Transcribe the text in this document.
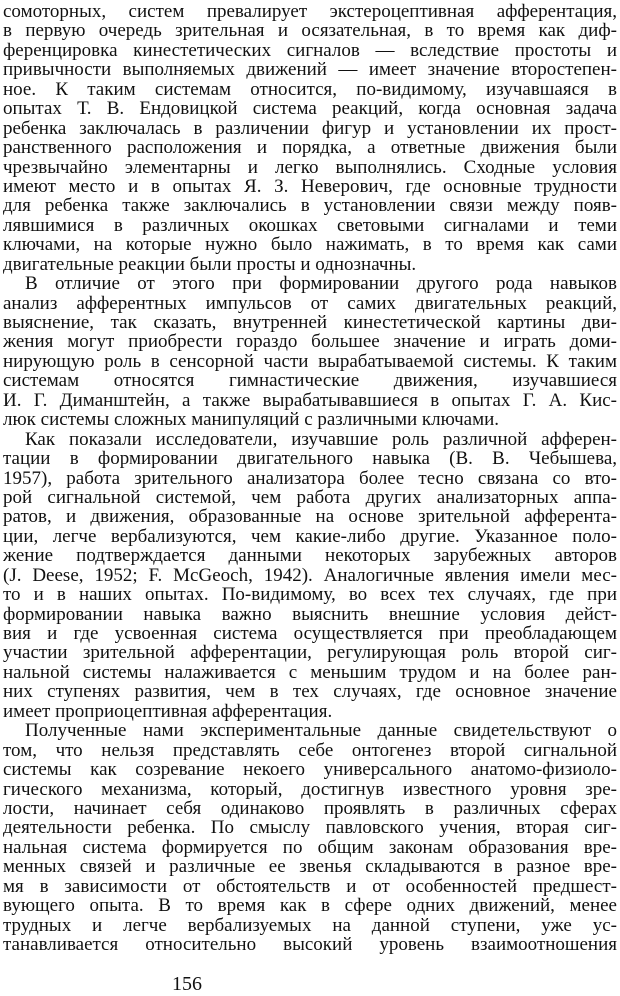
сомоторных, систем превалирует экстероцептивная афферентация,
в первую очередь зрительная и осязательная, в то время как диф-
ференцировка кинестетических сигналов — вследствие простоты и
привычности выполняемых движений — имеет значение второстепен-
ное. К таким системам относится, по-видимому, изучавшаяся в
опытах Т. В. Ендовицкой система реакций, когда основная задача
ребенка заключалась в различении фигур и установлении их прост-
ранственного расположения и порядка, а ответные движения были
чрезвычайно элементарны и легко выполнялись. Сходные условия
имеют место и в опытах Я. З. Неверович, где основные трудности
для ребенка также заключались в установлении связи между появ-
лявшимися в различных окошках световыми сигналами и теми
ключами, на которые нужно было нажимать, в то время как сами
двигательные реакции были просты и однозначны.
В отличие от этого при формировании другого рода навыков
анализ афферентных импульсов от самих двигательных реакций,
выяснение, так сказать, внутренней кинестетической картины дви-
жения могут приобрести гораздо большее значение и играть доми-
нирующую роль в сенсорной части вырабатываемой системы. К таким
системам относятся гимнастические движения, изучавшиеся
И. Г. Диманштейн, а также вырабатывавшиеся в опытах Г. А. Кис-
люк системы сложных манипуляций с различными ключами.
Как показали исследователи, изучавшие роль различной афферен-
тации в формировании двигательного навыка (В. В. Чебышева,
1957), работа зрительного анализатора более тесно связана со вто-
рой сигнальной системой, чем работа других анализаторных аппа-
ратов, и движения, образованные на основе зрительной афферента-
ции, легче вербализуются, чем какие-либо другие. Указанное поло-
жение подтверждается данными некоторых зарубежных авторов
(J. Deese, 1952; F. McGeoch, 1942). Аналогичные явления имели мес-
то и в наших опытах. По-видимому, во всех тех случаях, где при
формировании навыка важно выяснить внешние условия дейст-
вия и где усвоенная система осуществляется при преобладающем
участии зрительной афферентации, регулирующая роль второй сиг-
нальной системы налаживается с меньшим трудом и на более ран-
них ступенях развития, чем в тех случаях, где основное значение
имеет проприоцептивная афферентация.
Полученные нами экспериментальные данные свидетельствуют о
том, что нельзя представлять себе онтогенез второй сигнальной
системы как созревание некоего универсального анатомо-физиоло-
гического механизма, который, достигнув известного уровня зре-
лости, начинает себя одинаково проявлять в различных сферах
деятельности ребенка. По смыслу павловского учения, вторая сиг-
нальная система формируется по общим законам образования вре-
менных связей и различные ее звенья складываются в разное вре-
мя в зависимости от обстоятельств и от особенностей предшест-
вующего опыта. В то время как в сфере одних движений, менее
трудных и легче вербализуемых на данной ступени, уже ус-
танавливается относительно высокий уровень взаимоотношения
156
